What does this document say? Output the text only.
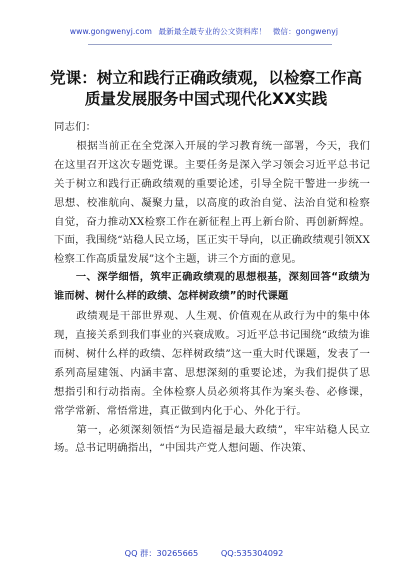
www.gongwenyj.com 最新最全最专业的公文资料库！ 微信：gongwenyj
党课：树立和践行正确政绩观，以检察工作高质量发展服务中国式现代化XX实践

同志们：

根据当前正在全党深入开展的学习教育统一部署，今天，我们在这里召开这次专题党课。主要任务是深入学习领会习近平总书记关于树立和践行正确政绩观的重要论述，引导全院干警进一步统一思想、校准航向、凝聚力量，以高度的政治自觉、法治自觉和检察自觉，奋力推动XX检察工作在新征程上再上新台阶、再创新辉煌。下面，我围绕“站稳人民立场，匡正实干导向，以正确政绩观引领XX检察工作高质量发展”这个主题，讲三个方面的意见。

一、深学细悟，筑牢正确政绩观的思想根基，深刻回答“政绩为谁而树、树什么样的政绩、怎样树政绩”的时代课题

政绩观是干部世界观、人生观、价值观在从政行为中的集中体现，直接关系到我们事业的兴衰成败。习近平总书记围绕“政绩为谁而树、树什么样的政绩、怎样树政绩”这一重大时代课题，发表了一系列高屋建瓴、内涵丰富、思想深刻的重要论述，为我们提供了思想指引和行动指南。全体检察人员必须将其作为案头卷、必修课，常学常新、常悟常进，真正做到内化于心、外化于行。

第一，必须深刻领悟“为民造福是最大政绩”，牢牢站稳人民立场。总书记明确指出，“中国共产党人想问题、作决策、

QQ 群：30265665	QQ:535304092
